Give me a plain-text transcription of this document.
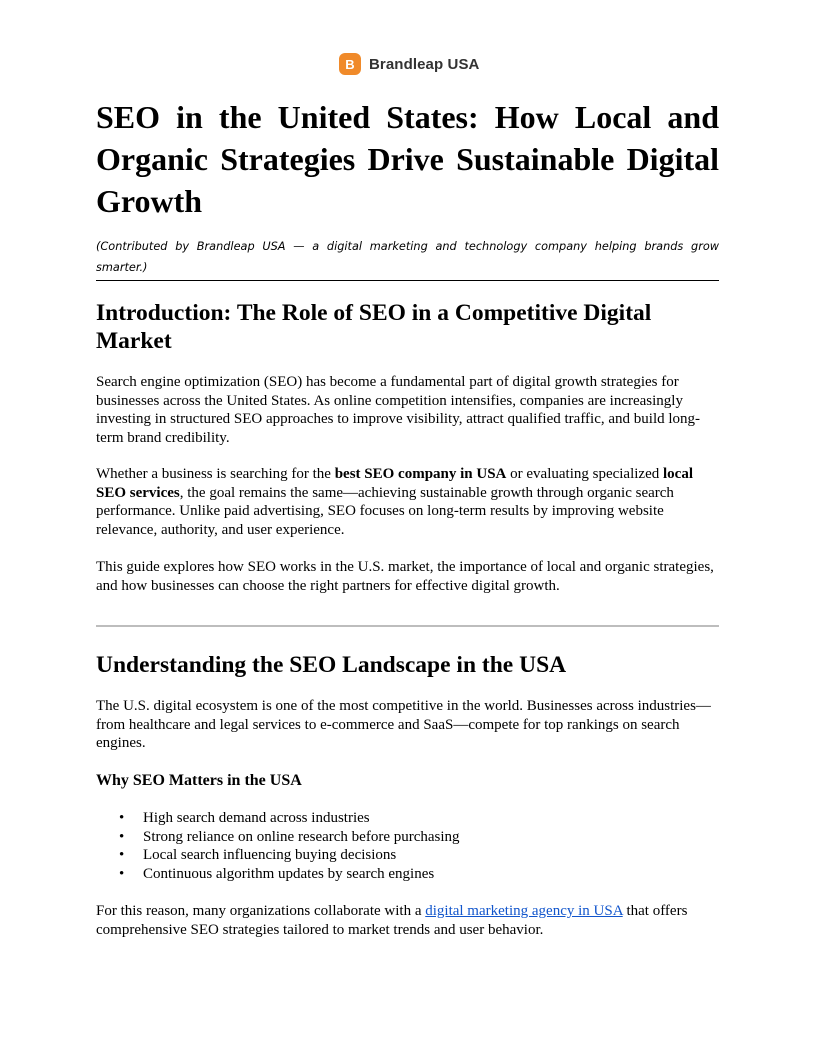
B Brandleap USA
SEO in the United States: How Local and Organic Strategies Drive Sustainable Digital Growth

(Contributed by Brandleap USA — a digital marketing and technology company helping brands grow smarter.)

Introduction: The Role of SEO in a Competitive Digital Market

Search engine optimization (SEO) has become a fundamental part of digital growth strategies for businesses across the United States. As online competition intensifies, companies are increasingly investing in structured SEO approaches to improve visibility, attract qualified traffic, and build long-term brand credibility.

Whether a business is searching for the best SEO company in USA or evaluating specialized local SEO services, the goal remains the same—achieving sustainable growth through organic search performance. Unlike paid advertising, SEO focuses on long-term results by improving website relevance, authority, and user experience.

This guide explores how SEO works in the U.S. market, the importance of local and organic strategies, and how businesses can choose the right partners for effective digital growth.

Understanding the SEO Landscape in the USA

The U.S. digital ecosystem is one of the most competitive in the world. Businesses across industries—from healthcare and legal services to e-commerce and SaaS—compete for top rankings on search engines.

Why SEO Matters in the USA
• High search demand across industries
• Strong reliance on online research before purchasing
• Local search influencing buying decisions
• Continuous algorithm updates by search engines

For this reason, many organizations collaborate with a digital marketing agency in USA that offers comprehensive SEO strategies tailored to market trends and user behavior.
